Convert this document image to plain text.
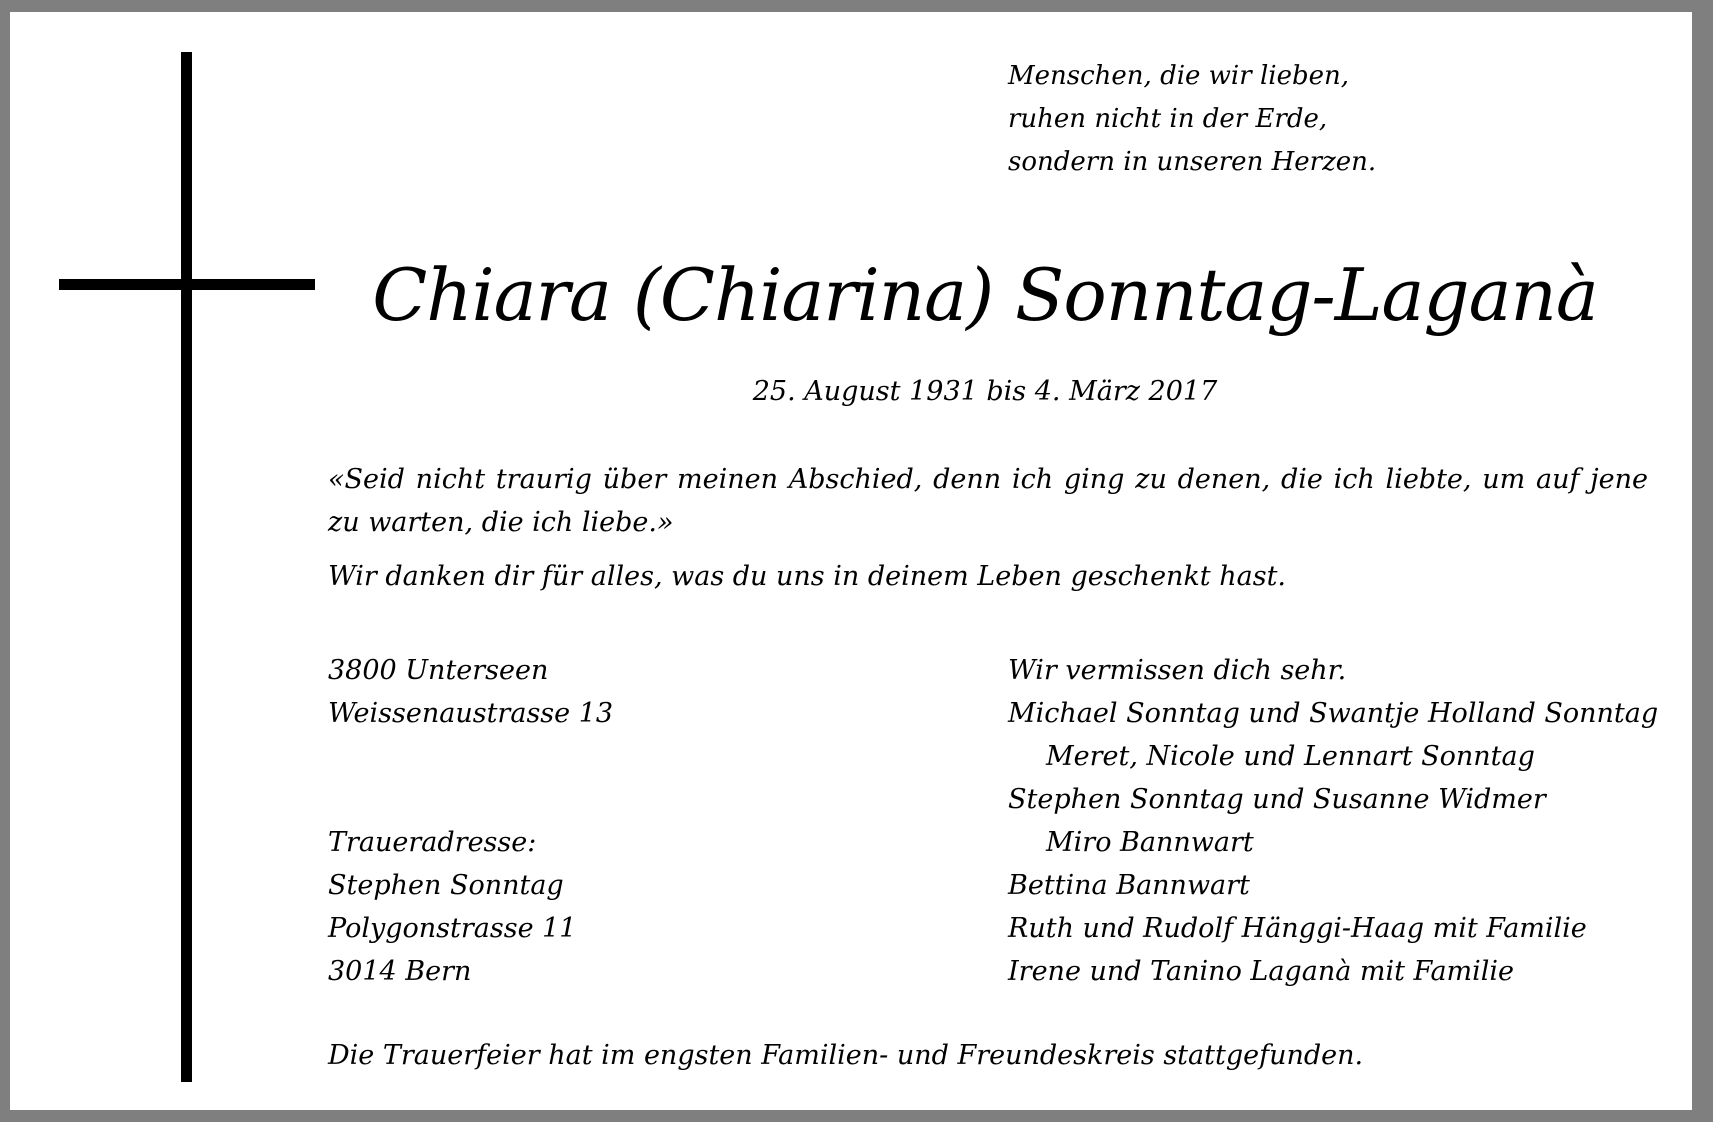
Menschen, die wir lieben,
ruhen nicht in der Erde,
sondern in unseren Herzen.
Chiara (Chiarina) Sonntag-Laganà
25. August 1931 bis 4. März 2017
«Seid nicht traurig über meinen Abschied, denn ich ging zu denen, die ich liebte, um auf jene zu warten, die ich liebe.»
Wir danken dir für alles, was du uns in deinem Leben geschenkt hast.
3800 Unterseen
Weissenaustrasse 13
Traueradresse:
Stephen Sonntag
Polygonstrasse 11
3014 Bern
Wir vermissen dich sehr.
Michael Sonntag und Swantje Holland Sonntag
Meret, Nicole und Lennart Sonntag
Stephen Sonntag und Susanne Widmer
Miro Bannwart
Bettina Bannwart
Ruth und Rudolf Hänggi-Haag mit Familie
Irene und Tanino Laganà mit Familie
Die Trauerfeier hat im engsten Familien- und Freundeskreis stattgefunden.
